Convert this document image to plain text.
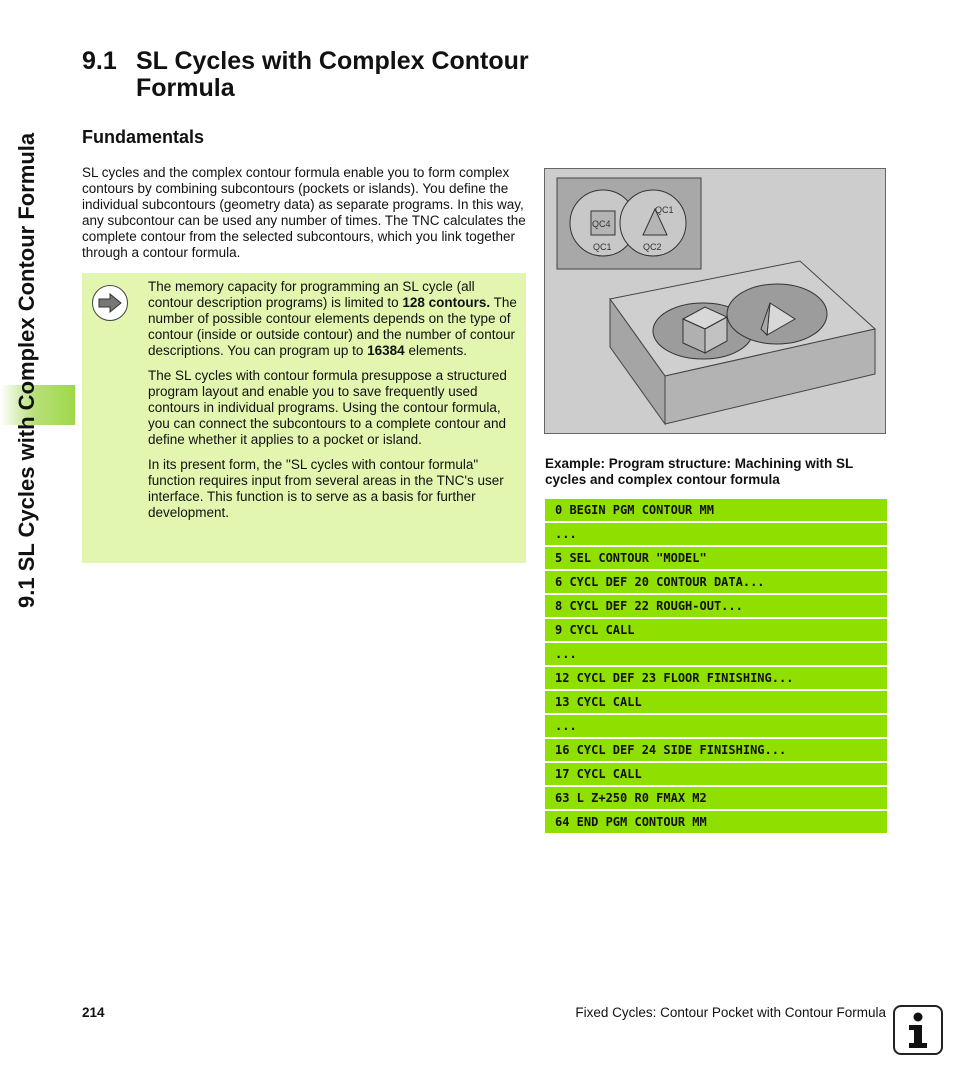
9.1 SL Cycles with Complex Contour Formula
9.1 SL Cycles with Complex Contour Formula
Fundamentals

SL cycles and the complex contour formula enable you to form complex contours by combining subcontours (pockets or islands). You define the individual subcontours (geometry data) as separate programs. In this way, any subcontour can be used any number of times. The TNC calculates the complete contour from the selected subcontours, which you link together through a contour formula.

The memory capacity for programming an SL cycle (all contour description programs) is limited to 128 contours. The number of possible contour elements depends on the type of contour (inside or outside contour) and the number of contour descriptions. You can program up to 16384 elements.

The SL cycles with contour formula presuppose a structured program layout and enable you to save frequently used contours in individual programs. Using the contour formula, you can connect the subcontours to a complete contour and define whether it applies to a pocket or island.

In its present form, the "SL cycles with contour formula" function requires input from several areas in the TNC's user interface. This function is to serve as a basis for further development.

QC4
QC1
QC1	QC2
Example: Program structure: Machining with SL cycles and complex contour formula
0 BEGIN PGM CONTOUR MM
...
5 SEL CONTOUR "MODEL"
6 CYCL DEF 20 CONTOUR DATA...
8 CYCL DEF 22 ROUGH-OUT...
9 CYCL CALL
...
12 CYCL DEF 23 FLOOR FINISHING...
13 CYCL CALL
...
16 CYCL DEF 24 SIDE FINISHING...
17 CYCL CALL
63 L Z+250 R0 FMAX M2
64 END PGM CONTOUR MM
214	Fixed Cycles: Contour Pocket with Contour Formula
